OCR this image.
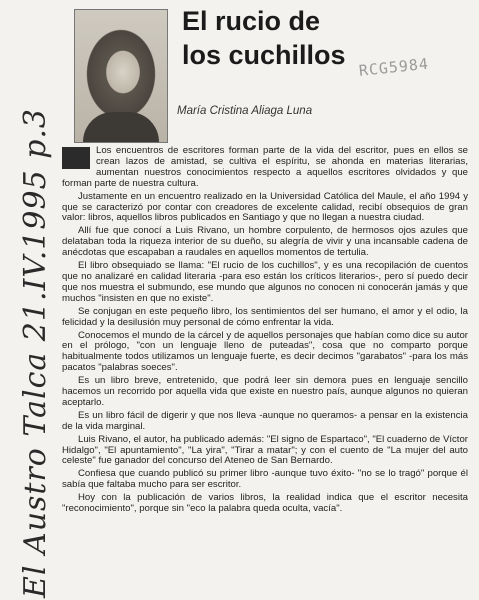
El rucio de
los cuchillos
María Cristina Aliaga Luna
RCG5984
El Austro Talca 21.IV.1995 p.3	Los encuentros de escritores forman parte de la vida del escritor, pues en ellos se crean lazos de amistad, se cultiva el espíritu, se ahonda en materias literarias, aumentan nuestros conocimientos respecto a aquellos escritores olvidados y que forman parte de nuestra cultura.

Justamente en un encuentro realizado en la Universidad Católica del Maule, el año 1994 y que se caracterizó por contar con creadores de excelente calidad, recibí obsequios de gran valor: libros, aquellos libros publicados en Santiago y que no llegan a nuestra ciudad.

Allí fue que conocí a Luis Rivano, un hombre corpulento, de hermosos ojos azules que delataban toda la riqueza interior de su dueño, su alegría de vivir y una incansable cadena de anécdotas que escapaban a raudales en aquellos momentos de tertulia.

El libro obsequiado se llama: "El rucio de los cuchillos", y es una recopilación de cuentos que no analizaré en calidad literaria -para eso están los críticos literarios-, pero sí puedo decir que nos muestra el submundo, ese mundo que algunos no conocen ni conocerán jamás y que muchos "insisten en que no existe".

Se conjugan en este pequeño libro, los sentimientos del ser humano, el amor y el odio, la felicidad y la desilusión muy personal de cómo enfrentar la vida.

Conocemos el mundo de la cárcel y de aquellos personajes que habían como dice su autor en el prólogo, "con un lenguaje lleno de puteadas", cosa que no comparto porque habitualmente todos utilizamos un lenguaje fuerte, es decir decimos "garabatos" -para los más pacatos "palabras soeces".

Es un libro breve, entretenido, que podrá leer sin demora pues en lenguaje sencillo hacemos un recorrido por aquella vida que existe en nuestro país, aunque algunos no quieran aceptarlo.

Es un libro fácil de digerir y que nos lleva -aunque no queramos- a pensar en la existencia de la vida marginal.

Luis Rivano, el autor, ha publicado además: "El signo de Espartaco", "El cuaderno de Víctor Hidalgo", "El apuntamiento", "La yira", "Tirar a matar"; y con el cuento de "La mujer del auto celeste" fue ganador del concurso del Ateneo de San Bernardo.

Confiesa que cuando publicó su primer libro -aunque tuvo éxito- "no se lo tragó" porque él sabía que faltaba mucho para ser escritor.

Hoy con la publicación de varios libros, la realidad indica que el escritor necesita "reconocimiento", porque sin "eco la palabra queda oculta, vacía".
